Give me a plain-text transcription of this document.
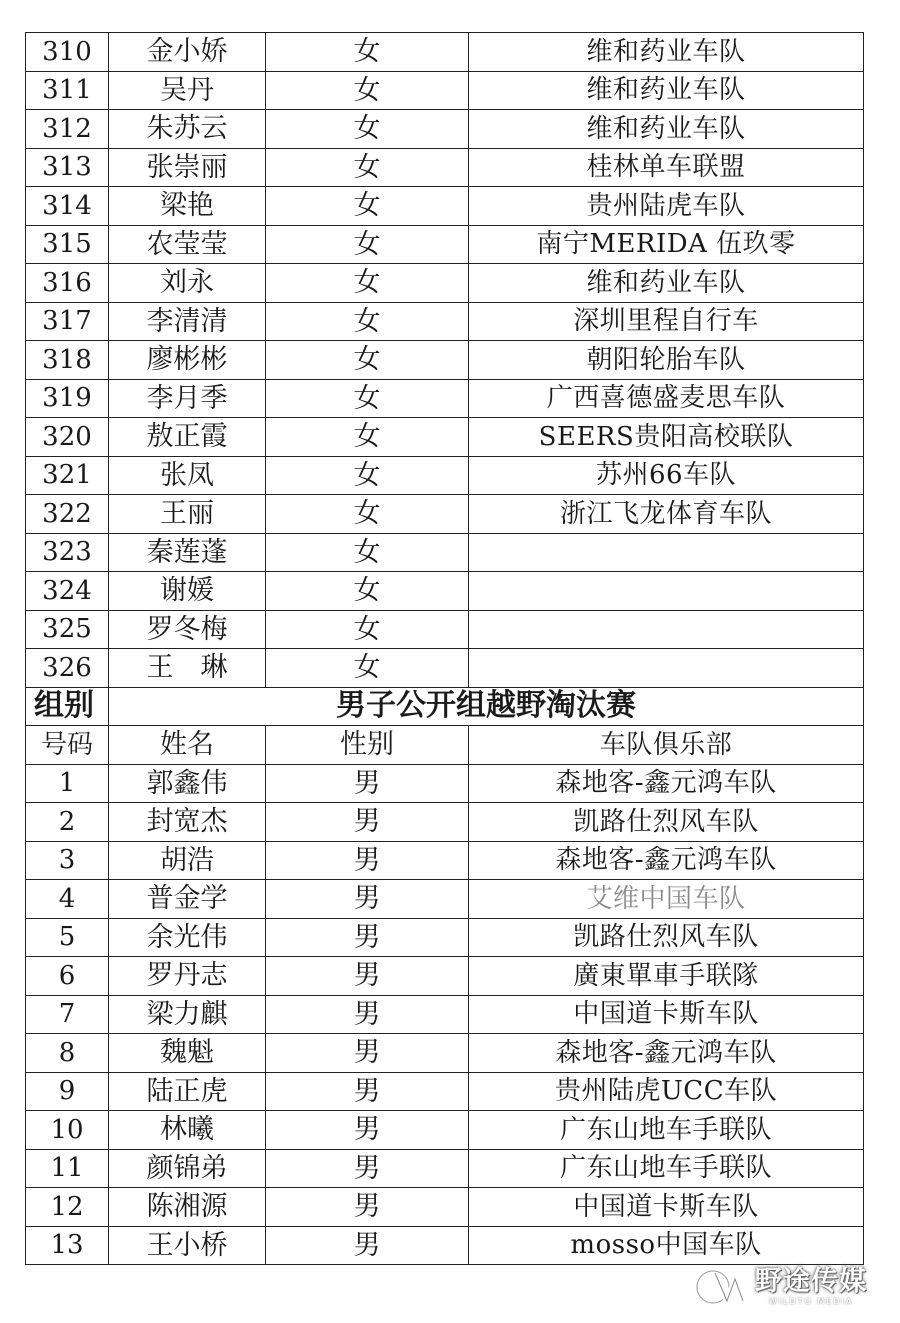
310	金小娇	女	维和药业车队
311	吴丹	女	维和药业车队
312	朱苏云	女	维和药业车队
313	张崇丽	女	桂林单车联盟
314	梁艳	女	贵州陆虎车队
315	农莹莹	女	南宁MERIDA 伍玖零
316	刘永	女	维和药业车队
317	李清清	女	深圳里程自行车
318	廖彬彬	女	朝阳轮胎车队
319	李月季	女	广西喜德盛麦思车队
320	敖正霞	女	SEERS贵阳高校联队
321	张凤	女	苏州66车队
322	王丽	女	浙江飞龙体育车队
323	秦莲蓬	女	
324	谢媛	女	
325	罗冬梅	女	
326	王　琳	女	
组别	男子公开组越野淘汰赛		
号码	姓名	性别	车队俱乐部
1	郭鑫伟	男	森地客-鑫元鸿车队
2	封宽杰	男	凯路仕烈风车队
3	胡浩	男	森地客-鑫元鸿车队
4	普金学	男	艾维中国车队
5	余光伟	男	凯路仕烈风车队
6	罗丹志	男	廣東單車手联隊
7	梁力麒	男	中国道卡斯车队
8	魏魁	男	森地客-鑫元鸿车队
9	陆正虎	男	贵州陆虎UCC车队
10	林曦	男	广东山地车手联队
11	颜锦弟	男	广东山地车手联队
12	陈湘源	男	中国道卡斯车队
13	王小桥	男	mosso中国车队
野途传媒
WILDTO MEDIA
